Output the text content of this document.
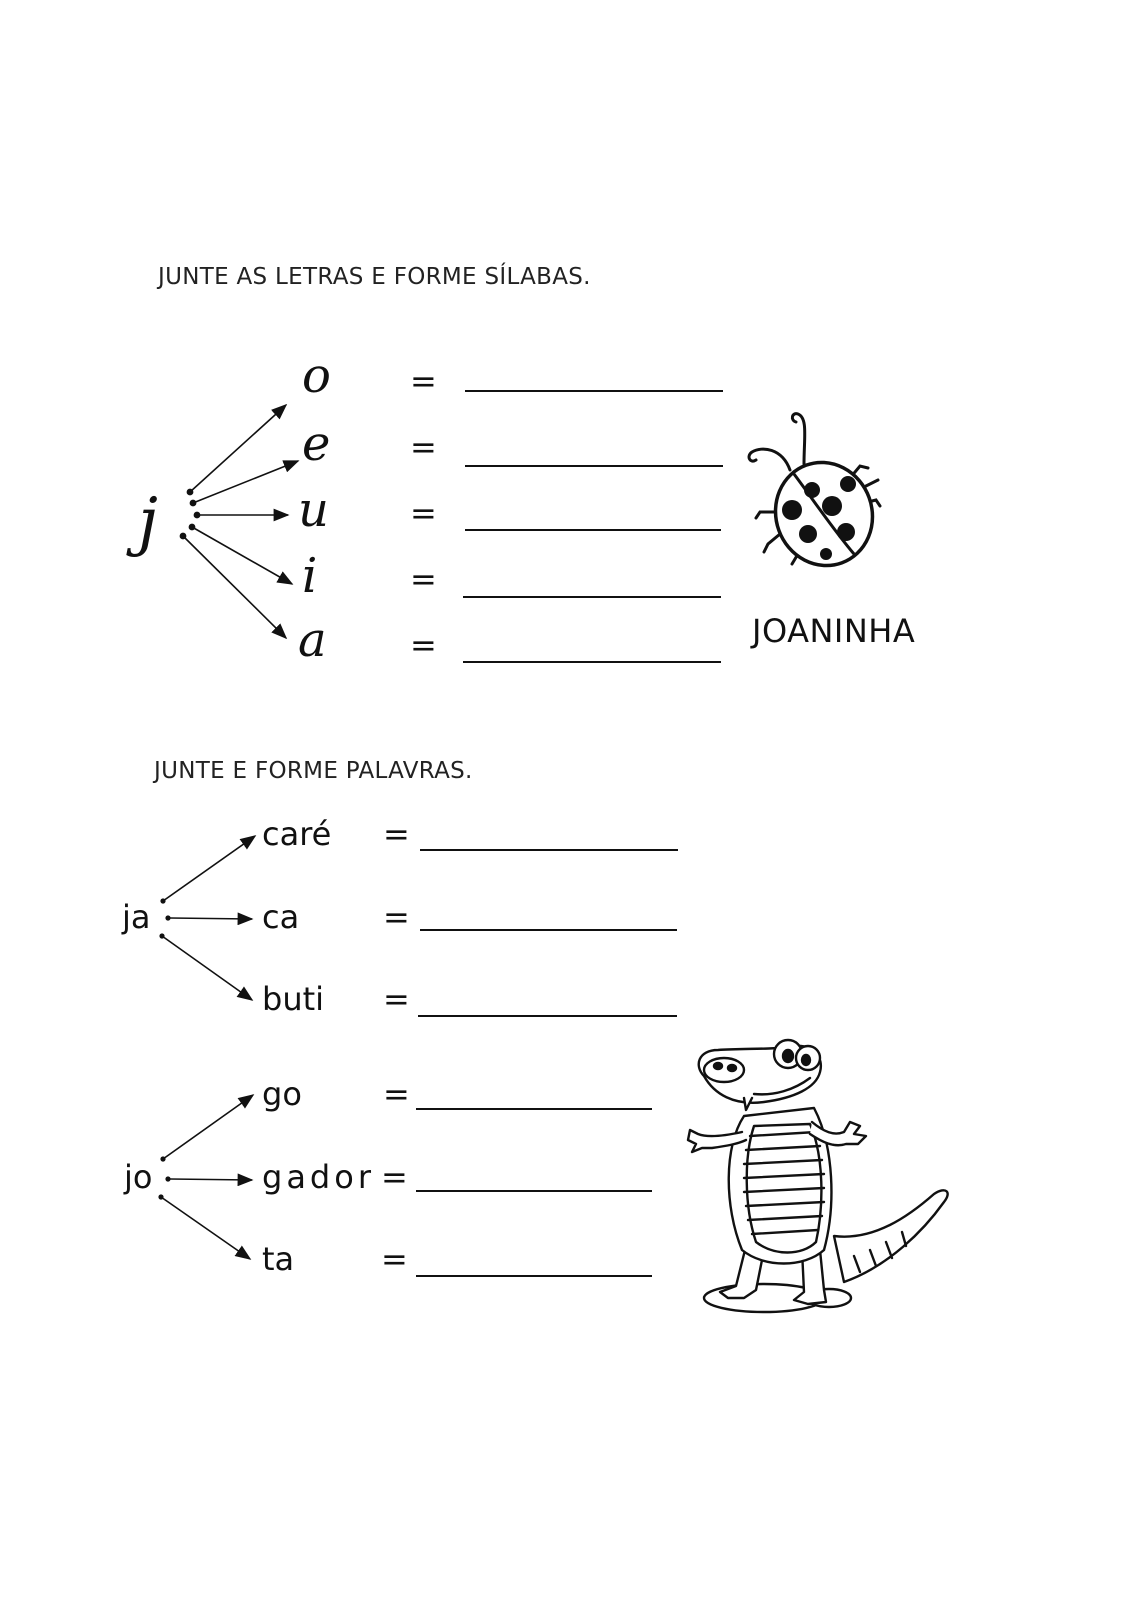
JUNTE AS LETRAS E FORME SÍLABAS.
j
o
e
u
i
a
=
=
=
=
=	JOANINHA
JUNTE E FORME PALAVRAS.
ja
caré
ca
buti
jo
go
gador
ta
=
=
=
=
=
=
